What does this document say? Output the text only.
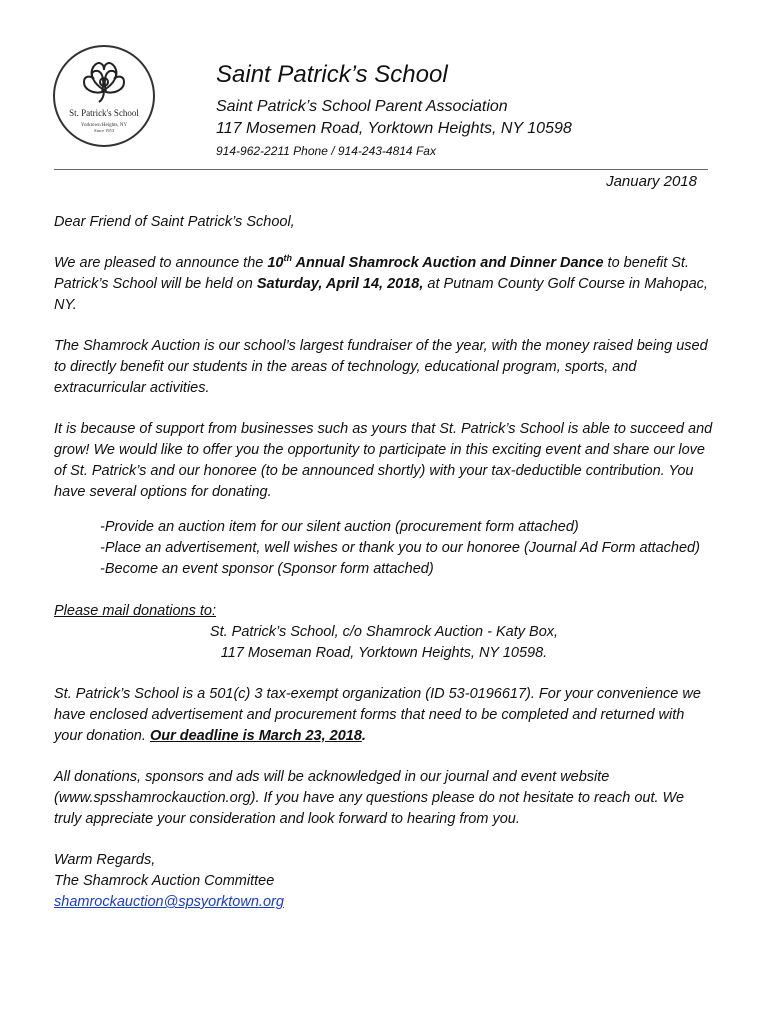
St. Patrick's School
Yorktown Heights, NY
Since 1953
Saint Patrick’s School
Saint Patrick’s School Parent Association
117 Mosemen Road, Yorktown Heights, NY 10598
914-962-2211 Phone / 914-243-4814 Fax
January 2018

Dear Friend of Saint Patrick’s School,

We are pleased to announce the 10th Annual Shamrock Auction and Dinner Dance to benefit St. Patrick’s School will be held on Saturday, April 14, 2018, at Putnam County Golf Course in Mahopac, NY.

The Shamrock Auction is our school’s largest fundraiser of the year, with the money raised being used to directly benefit our students in the areas of technology, educational program, sports, and extracurricular activities.

It is because of support from businesses such as yours that St. Patrick’s School is able to succeed and grow! We would like to offer you the opportunity to participate in this exciting event and share our love of St. Patrick’s and our honoree (to be announced shortly) with your tax-deductible contribution. You have several options for donating.

-Provide an auction item for our silent auction (procurement form attached)
-Place an advertisement, well wishes or thank you to our honoree (Journal Ad Form attached)
-Become an event sponsor (Sponsor form attached)

Please mail donations to:

St. Patrick’s School, c/o Shamrock Auction - Katy Box,
117 Moseman Road, Yorktown Heights, NY 10598.

St. Patrick’s School is a 501(c) 3 tax-exempt organization (ID 53-0196617). For your convenience we have enclosed advertisement and procurement forms that need to be completed and returned with your donation. Our deadline is March 23, 2018.

All donations, sponsors and ads will be acknowledged in our journal and event website (www.spsshamrockauction.org). If you have any questions please do not hesitate to reach out. We truly appreciate your consideration and look forward to hearing from you.

Warm Regards,
The Shamrock Auction Committee
shamrockauction@spsyorktown.org
